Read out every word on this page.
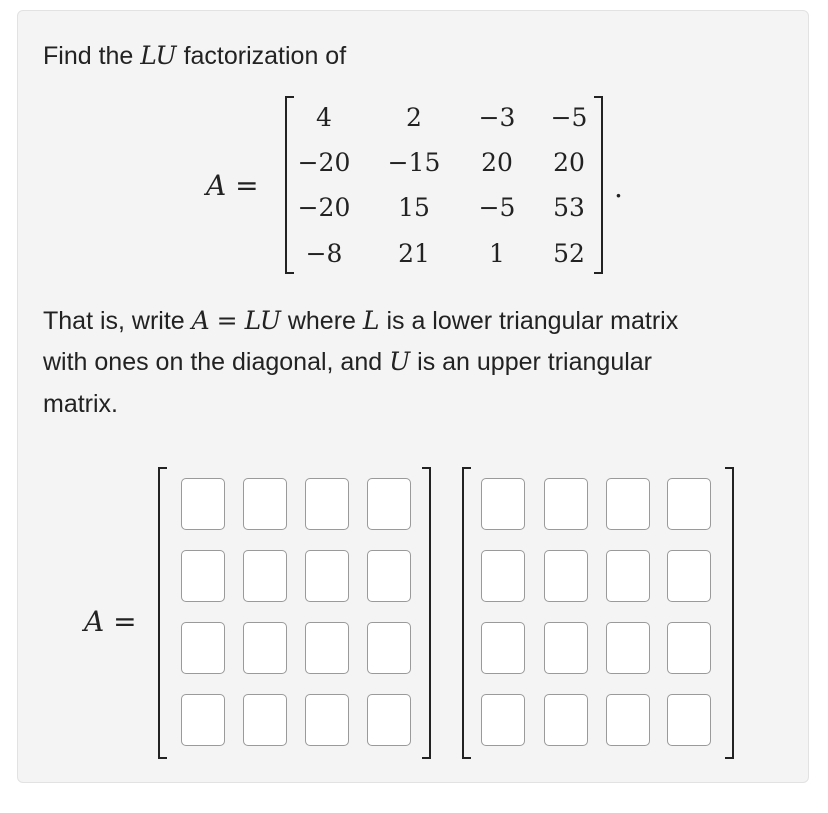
Find the LU factorization of
A =	.
That is, write A = LU where L is a lower triangular matrix
with ones on the diagonal, and U is an upper triangular
matrix.
A =
4	2	−3	−5
−20	−15	20	20
−20	15	−5	53
−8	21	1	52
